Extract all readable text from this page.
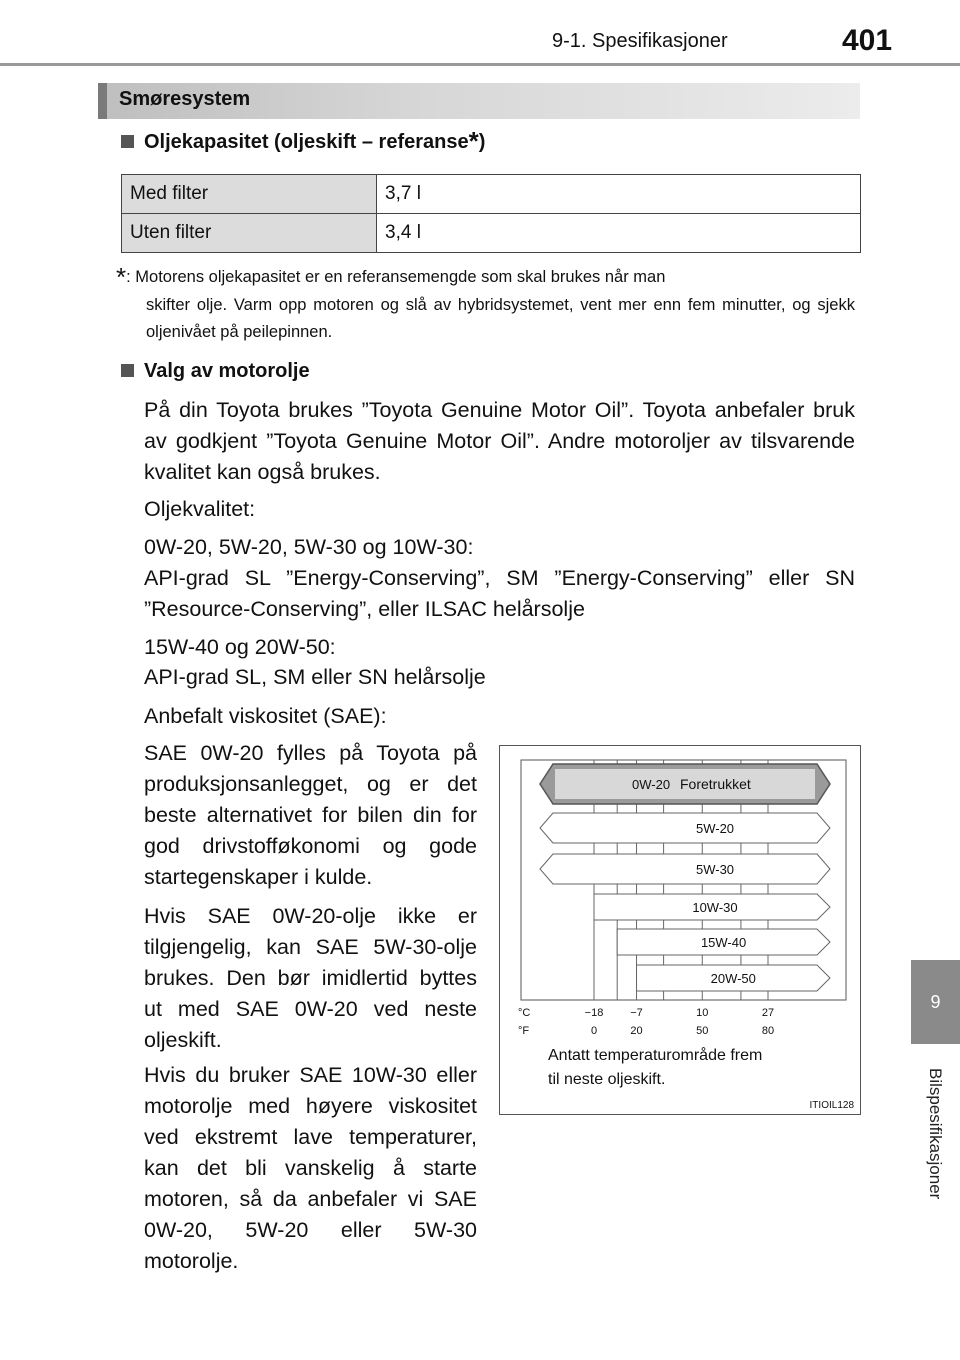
9-1. Spesifikasjoner	401
9
Bilspesifikasjoner
Smøresystem
Oljekapasitet (oljeskift – referanse* )
Med filter	3,7 l
Uten filter	3,4 l
*: Motorens oljekapasitet er en referansemengde som skal brukes når man
skifter olje. Varm opp motoren og slå av hybridsystemet, vent mer enn fem minutter, og sjekk oljenivået på peilepinnen.
Valg av motorolje
På din Toyota brukes ”Toyota Genuine Motor Oil”. Toyota anbefaler bruk av godkjent ”Toyota Genuine Motor Oil”. Andre motoroljer av tilsvarende kvalitet kan også brukes.
Oljekvalitet:
0W-20, 5W-20, 5W-30 og 10W-30:
API-grad SL ”Energy-Conserving”, SM ”Energy-Conserving” eller SN ”Resource-Conserving”, eller ILSAC helårsolje
15W-40 og 20W-50:
API-grad SL, SM eller SN helårsolje
Anbefalt viskositet (SAE):
SAE 0W-20 fylles på Toyota på produksjonsanlegget, og er det beste alternativet for bilen din for god drivstofføkonomi og gode startegenskaper i kulde.
Hvis SAE 0W-20-olje ikke er tilgjengelig, kan SAE 5W-30-olje brukes. Den bør imidlertid byttes ut med SAE 0W-20 ved neste oljeskift.
Hvis du bruker SAE 10W-30 eller motorolje med høyere viskositet ved ekstremt lave temperaturer, kan det bli vanskelig å starte motoren, så da anbefaler vi SAE 0W-20, 5W-20 eller 5W-30 motorolje.
0W-20 Foretrukket
5W-20
5W-30
10W-30
15W-40
20W-50
°C
°F
−18 −7	10	27
0	20	50	80
Antatt temperaturområde frem
til neste oljeskift.
ITIOIL128
